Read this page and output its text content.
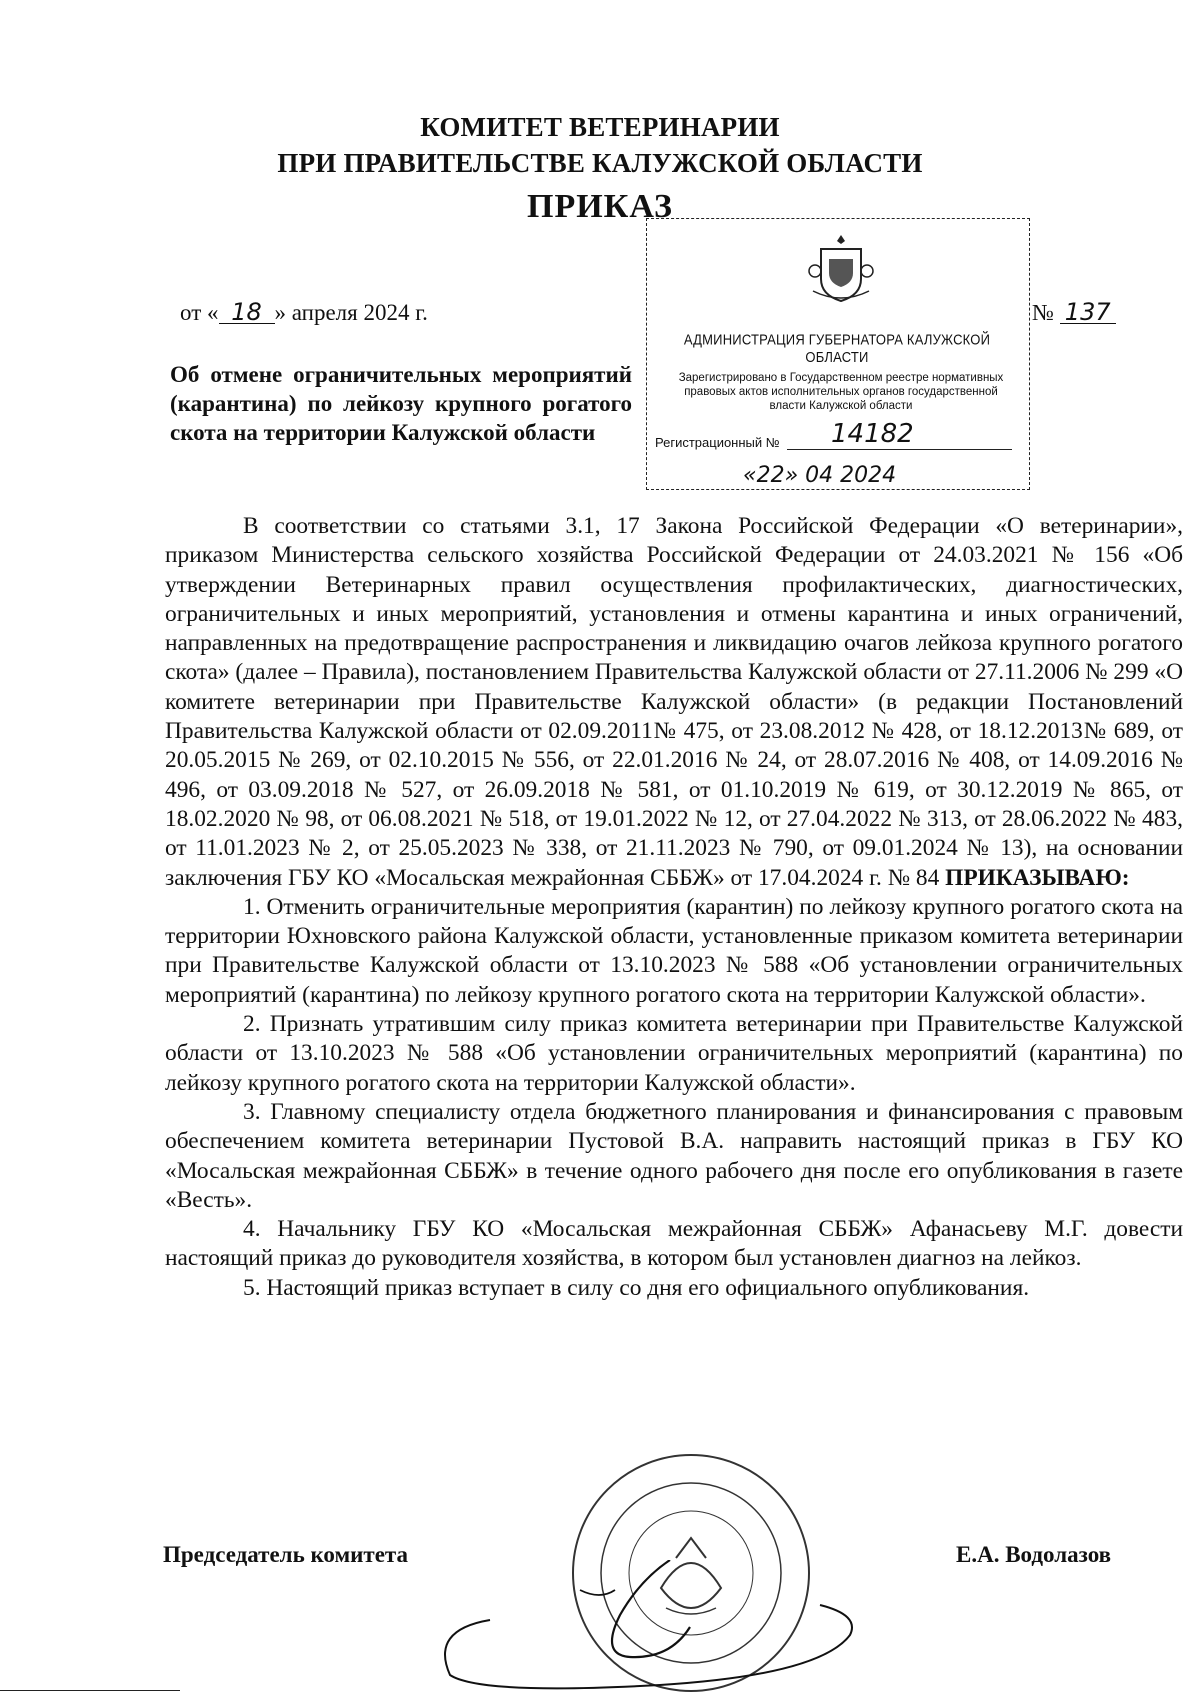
КОМИТЕТ ВЕТЕРИНАРИИ
ПРИ ПРАВИТЕЛЬСТВЕ КАЛУЖСКОЙ ОБЛАСТИ
ПРИКАЗ
от « 18 » апреля 2024 г.	№ 137
Об отмене ограничительных мероприятий (карантина) по лейкозу крупного рогатого скота на территории Калужской области
АДМИНИСТРАЦИЯ ГУБЕРНАТОРА КАЛУЖСКОЙ ОБЛАСТИ
Зарегистрировано в Государственном реестре нормативных правовых актов исполнительных органов государственной власти Калужской области
Регистрационный № 14182
«22» 04 2024

В соответствии со статьями 3.1, 17 Закона Российской Федерации «О ветеринарии», приказом Министерства сельского хозяйства Российской Федерации от 24.03.2021 № 156 «Об утверждении Ветеринарных правил осуществления профилактических, диагностических, ограничительных и иных мероприятий, установления и отмены карантина и иных ограничений, направленных на предотвращение распространения и ликвидацию очагов лейкоза крупного рогатого скота» (далее – Правила), постановлением Правительства Калужской области от 27.11.2006 № 299 «О комитете ветеринарии при Правительстве Калужской области» (в редакции Постановлений Правительства Калужской области от 02.09.2011№ 475, от 23.08.2012 № 428, от 18.12.2013№ 689, от 20.05.2015 № 269, от 02.10.2015 № 556, от 22.01.2016 № 24, от 28.07.2016 № 408, от 14.09.2016 № 496, от 03.09.2018 № 527, от 26.09.2018 № 581, от 01.10.2019 № 619, от 30.12.2019 № 865, от 18.02.2020 № 98, от 06.08.2021 № 518, от 19.01.2022 № 12, от 27.04.2022 № 313, от 28.06.2022 № 483, от 11.01.2023 № 2, от 25.05.2023 № 338, от 21.11.2023 № 790, от 09.01.2024 № 13), на основании заключения ГБУ КО «Мосальская межрайонная СББЖ» от 17.04.2024 г. № 84 ПРИКАЗЫВАЮ:

1. Отменить ограничительные мероприятия (карантин) по лейкозу крупного рогатого скота на территории Юхновского района Калужской области, установленные приказом комитета ветеринарии при Правительстве Калужской области от 13.10.2023 № 588 «Об установлении ограничительных мероприятий (карантина) по лейкозу крупного рогатого скота на территории Калужской области».

2. Признать утратившим силу приказ комитета ветеринарии при Правительстве Калужской области от 13.10.2023 № 588 «Об установлении ограничительных мероприятий (карантина) по лейкозу крупного рогатого скота на территории Калужской области».

3. Главному специалисту отдела бюджетного планирования и финансирования с правовым обеспечением комитета ветеринарии Пустовой В.А. направить настоящий приказ в ГБУ КО «Мосальская межрайонная СББЖ» в течение одного рабочего дня после его опубликования в газете «Весть».

4. Начальнику ГБУ КО «Мосальская межрайонная СББЖ» Афанасьеву М.Г. довести настоящий приказ до руководителя хозяйства, в котором был установлен диагноз на лейкоз.

5. Настоящий приказ вступает в силу со дня его официального опубликования.

Председатель комитета	Е.А. Водолазов
